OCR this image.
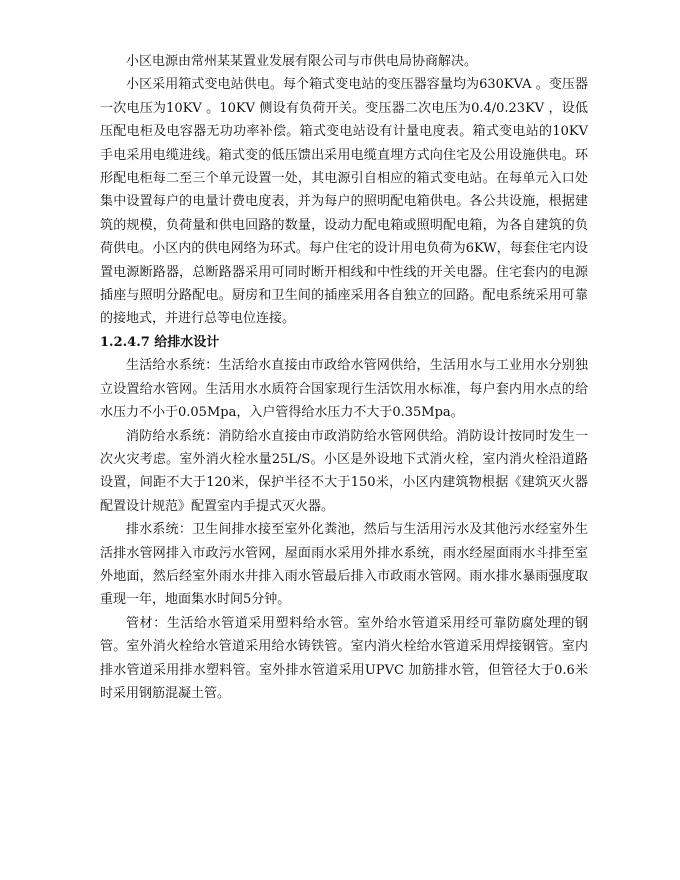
小区电源由常州某某置业发展有限公司与市供电局协商解决。

小区采用箱式变电站供电。每个箱式变电站的变压器容量均为630KVA 。变压器一次电压为10KV 。10KV 侧设有负荷开关。变压器二次电压为0.4/0.23KV ，设低压配电柜及电容器无功功率补偿。箱式变电站设有计量电度表。箱式变电站的10KV 手电采用电缆进线。箱式变的低压馈出采用电缆直埋方式向住宅及公用设施供电。环形配电柜每二至三个单元设置一处，其电源引自相应的箱式变电站。在每单元入口处集中设置每户的电量计费电度表，并为每户的照明配电箱供电。各公共设施，根据建筑的规模，负荷量和供电回路的数量，设动力配电箱或照明配电箱，为各自建筑的负荷供电。小区内的供电网络为环式。每户住宅的设计用电负荷为6KW，每套住宅内设置电源断路器，总断路器采用可同时断开相线和中性线的开关电器。住宅套内的电源插座与照明分路配电。厨房和卫生间的插座采用各自独立的回路。配电系统采用可靠的接地式，并进行总等电位连接。

1.2.4.7 给排水设计

生活给水系统：生活给水直接由市政给水管网供给，生活用水与工业用水分别独立设置给水管网。生活用水水质符合国家现行生活饮用水标准，每户套内用水点的给水压力不小于0.05Mpa，入户管得给水压力不大于0.35Mpa。

消防给水系统：消防给水直接由市政消防给水管网供给。消防设计按同时发生一次火灾考虑。室外消火栓水量25L/S。小区是外设地下式消火栓，室内消火栓沿道路设置，间距不大于120米，保护半径不大于150米，小区内建筑物根据《建筑灭火器配置设计规范》配置室内手提式灭火器。

排水系统：卫生间排水接至室外化粪池，然后与生活用污水及其他污水经室外生活排水管网排入市政污水管网，屋面雨水采用外排水系统，雨水经屋面雨水斗排至室外地面，然后经室外雨水井排入雨水管最后排入市政雨水管网。雨水排水暴雨强度取重现一年，地面集水时间5分钟。

管材：生活给水管道采用塑料给水管。室外给水管道采用经可靠防腐处理的钢管。室外消火栓给水管道采用给水铸铁管。室内消火栓给水管道采用焊接钢管。室内排水管道采用排水塑料管。室外排水管道采用UPVC 加筋排水管，但管径大于0.6米时采用钢筋混凝土管。
